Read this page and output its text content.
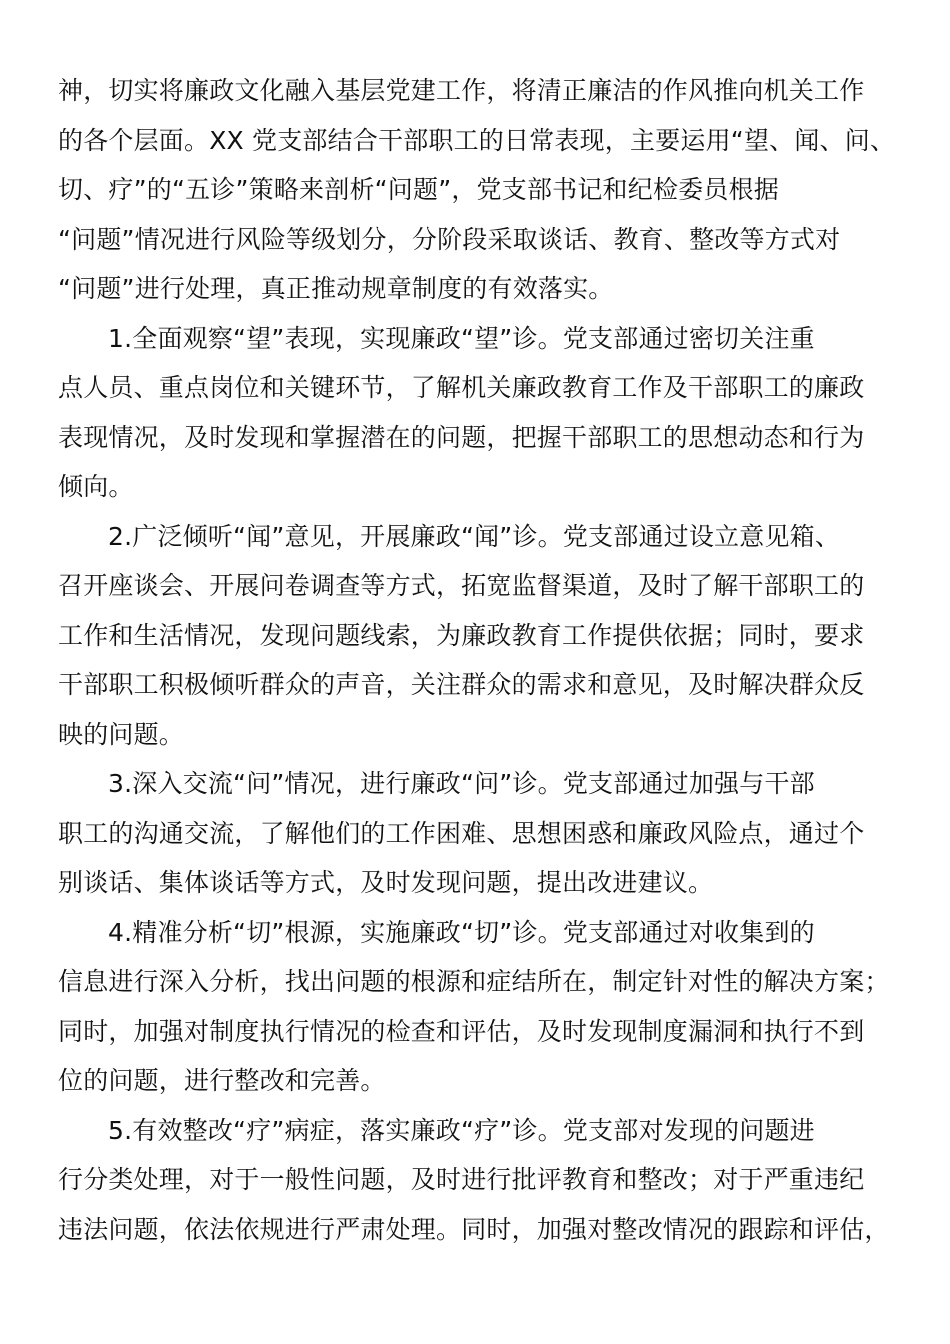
神，切实将廉政文化融入基层党建工作，将清正廉洁的作风推向机关工作
的各个层面。XX 党支部结合干部职工的日常表现，主要运用“望、闻、问、
切、疗”的“五诊”策略来剖析“问题”，党支部书记和纪检委员根据
“问题”情况进行风险等级划分，分阶段采取谈话、教育、整改等方式对
“问题”进行处理，真正推动规章制度的有效落实。
1.全面观察“望”表现，实现廉政“望”诊。党支部通过密切关注重
点人员、重点岗位和关键环节，了解机关廉政教育工作及干部职工的廉政
表现情况，及时发现和掌握潜在的问题，把握干部职工的思想动态和行为
倾向。
2.广泛倾听“闻”意见，开展廉政“闻”诊。党支部通过设立意见箱、
召开座谈会、开展问卷调查等方式，拓宽监督渠道，及时了解干部职工的
工作和生活情况，发现问题线索，为廉政教育工作提供依据；同时，要求
干部职工积极倾听群众的声音，关注群众的需求和意见，及时解决群众反
映的问题。
3.深入交流“问”情况，进行廉政“问”诊。党支部通过加强与干部
职工的沟通交流，了解他们的工作困难、思想困惑和廉政风险点，通过个
别谈话、集体谈话等方式，及时发现问题，提出改进建议。
4.精准分析“切”根源，实施廉政“切”诊。党支部通过对收集到的
信息进行深入分析，找出问题的根源和症结所在，制定针对性的解决方案；
同时，加强对制度执行情况的检查和评估，及时发现制度漏洞和执行不到
位的问题，进行整改和完善。
5.有效整改“疗”病症，落实廉政“疗”诊。党支部对发现的问题进
行分类处理，对于一般性问题，及时进行批评教育和整改；对于严重违纪
违法问题，依法依规进行严肃处理。同时，加强对整改情况的跟踪和评估，
